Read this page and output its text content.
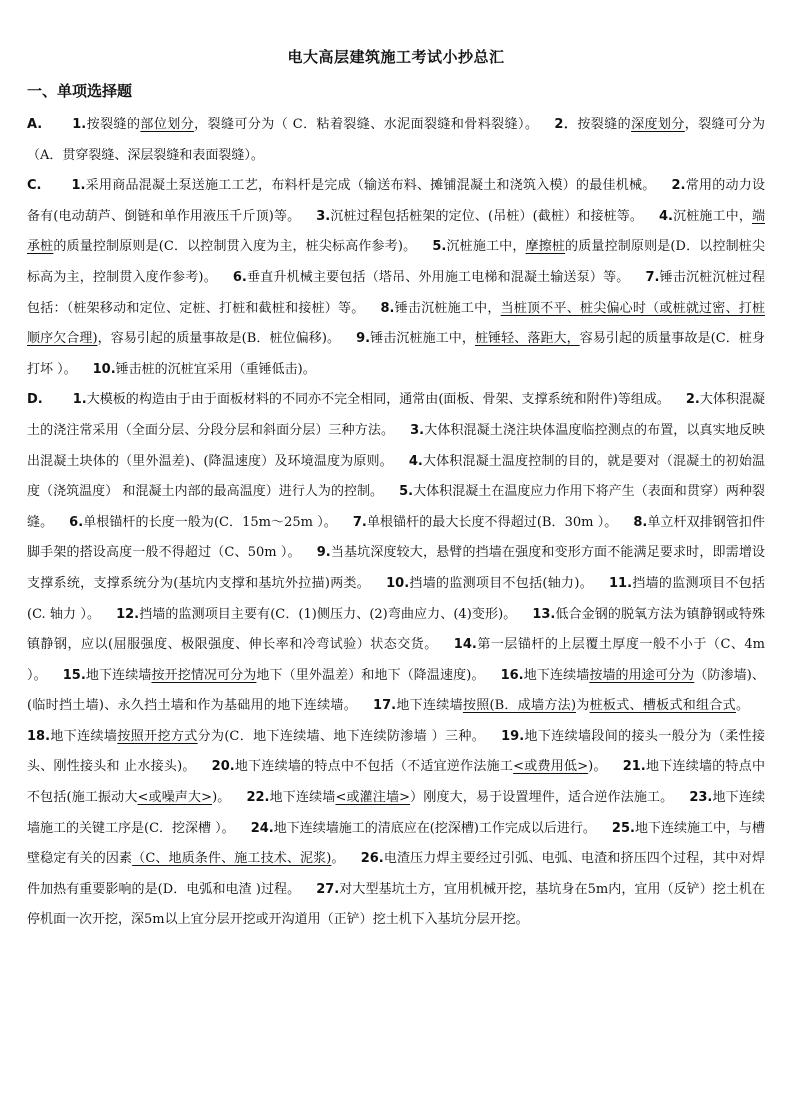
电大高层建筑施工考试小抄总汇
一、单项选择题

A. 1.按裂缝的部位划分，裂缝可分为（ C．粘着裂缝、水泥面裂缝和骨料裂缝）。 2．按裂缝的深度划分，裂缝可分为（A．贯穿裂缝、深层裂缝和表面裂缝）。

C. 1.采用商品混凝土泵送施工工艺，布料杆是完成（输送布料、摊铺混凝土和浇筑入模）的最佳机械。 2.常用的动力设备有(电动葫芦、倒链和单作用液压千斤顶)等。 3.沉桩过程包括桩架的定位、(吊桩）(截桩）和接桩等。 4.沉桩施工中，端承桩的质量控制原则是(C．以控制贯入度为主，桩尖标高作参考)。 5.沉桩施工中，摩擦桩的质量控制原则是(D．以控制桩尖标高为主，控制贯入度作参考)。 6.垂直升机械主要包括（塔吊、外用施工电梯和混凝土输送泵）等。 7.锤击沉桩沉桩过程包括：（桩架移动和定位、定桩、打桩和截桩和接桩）等。 8.锤击沉桩施工中，当桩顶不平、桩尖偏心时（或桩就过密、打桩顺序欠合理)，容易引起的质量事故是(B．桩位偏移)。 9.锤击沉桩施工中，桩锤轻、落距大，容易引起的质量事故是(C．桩身打坏 ）。 10.锤击桩的沉桩宜采用（重锤低击)。

D. 1.大模板的构造由于由于面板材料的不同亦不完全相同，通常由(面板、骨架、支撑系统和附件)等组成。 2.大体积混凝土的浇注常采用（全面分层、分段分层和斜面分层）三种方法。 3.大体积混凝土浇注块体温度临控测点的布置，以真实地反映出混凝土块体的（里外温差)、(降温速度）及环境温度为原则。 4.大体积混凝土温度控制的目的，就是要对（混凝土的初始温度（浇筑温度） 和混凝土内部的最高温度）进行人为的控制。 5.大体积混凝土在温度应力作用下将产生（表面和贯穿）两种裂缝。 6.单根锚杆的长度一般为(C．15m～25m ）。 7.单根锚杆的最大长度不得超过(B．30m ）。 8.单立杆双排钢管扣件脚手架的搭设高度一般不得超过（C、50m ）。 9.当基坑深度较大，悬臂的挡墙在强度和变形方面不能满足要求时，即需增设支撑系统，支撑系统分为(基坑内支撑和基坑外拉描)两类。 10.挡墙的监测项目不包括(轴力)。 11.挡墙的监测项目不包括(C. 轴力 ）。 12.挡墙的监测项目主要有(C．(1)侧压力、(2)弯曲应力、(4)变形)。 13.低合金钢的脱氧方法为镇静钢或特殊镇静钢，应以(屈服强度、极限强度、伸长率和冷弯试验）状态交货。 14.第一层锚杆的上层覆土厚度一般不小于（C、4m ）。 15.地下连续墙按开挖情况可分为地下（里外温差）和地下（降温速度)。 16.地下连续墙按墙的用途可分为（防渗墙)、(临时挡土墙)、永久挡土墙和作为基础用的地下连续墙。 17.地下连续墙按照(B．成墙方法)为桩板式、槽板式和组合式。18.地下连续墙按照开挖方式分为(C．地下连续墙、地下连续防渗墙 ）三种。 19.地下连续墙段间的接头一般分为（柔性接头、刚性接头和 止水接头)。 20.地下连续墙的特点中不包括（不适宜逆作法施工<或费用低>)。 21.地下连续墙的特点中不包括(施工振动大<或噪声大>)。 22.地下连续墙<或灌注墙>）刚度大，易于设置埋件，适合逆作法施工。 23.地下连续墙施工的关键工序是(C．挖深槽 ）。 24.地下连续墙施工的清底应在(挖深槽)工作完成以后进行。 25.地下连续施工中，与槽壁稳定有关的因素（C、地质条件、施工技术、泥浆)。 26.电渣压力焊主要经过引弧、电弧、电渣和挤压四个过程，其中对焊件加热有重要影响的是(D．电弧和电渣 )过程。 27.对大型基坑土方，宜用机械开挖，基坑身在5m内，宜用（反铲）挖土机在停机面一次开挖，深5m以上宜分层开挖或开沟道用（正铲）挖土机下入基坑分层开挖。
